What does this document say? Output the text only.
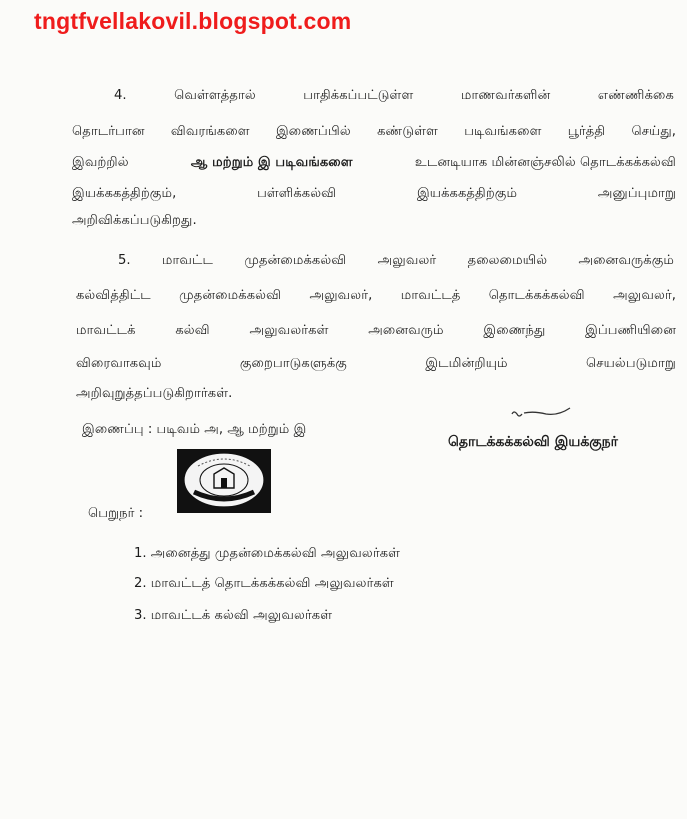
tngtfvellakovil.blogspot.com
4.	வெள்ளத்தால்	பாதிக்கப்பட்டுள்ள	மாணவர்களின்	எண்ணிக்கை
தொடர்பான விவரங்களை இணைப்பில் கண்டுள்ள படிவங்களை பூர்த்தி செய்து,
இவற்றில்	ஆ மற்றும் இ படிவங்களை	உடனடியாக மின்னஞ்சலில் தொடக்கக்கல்வி
இயக்ககத்திற்கும்,	பள்ளிக்கல்வி	இயக்ககத்திற்கும்	அனுப்புமாறு
அறிவிக்கப்படுகிறது.
5. மாவட்ட முதன்மைக்கல்வி அலுவலர் தலைமையில் அனைவருக்கும்
கல்வித்திட்ட முதன்மைக்கல்வி அலுவலர், மாவட்டத் தொடக்கக்கல்வி அலுவலர்,
மாவட்டக்	கல்வி	அலுவலர்கள்	அனைவரும்	இணைந்து	இப்பணியினை
விரைவாகவும்	குறைபாடுகளுக்கு	இடமின்றியும்	செயல்படுமாறு
அறிவுறுத்தப்படுகிறார்கள்.
இணைப்பு : படிவம் அ, ஆ மற்றும் இ
தொடக்கக்கல்வி இயக்குநர்
பெறுநர் :
1. அனைத்து முதன்மைக்கல்வி அலுவலர்கள்
2. மாவட்டத் தொடக்கக்கல்வி அலுவலர்கள்
3. மாவட்டக் கல்வி அலுவலர்கள்
